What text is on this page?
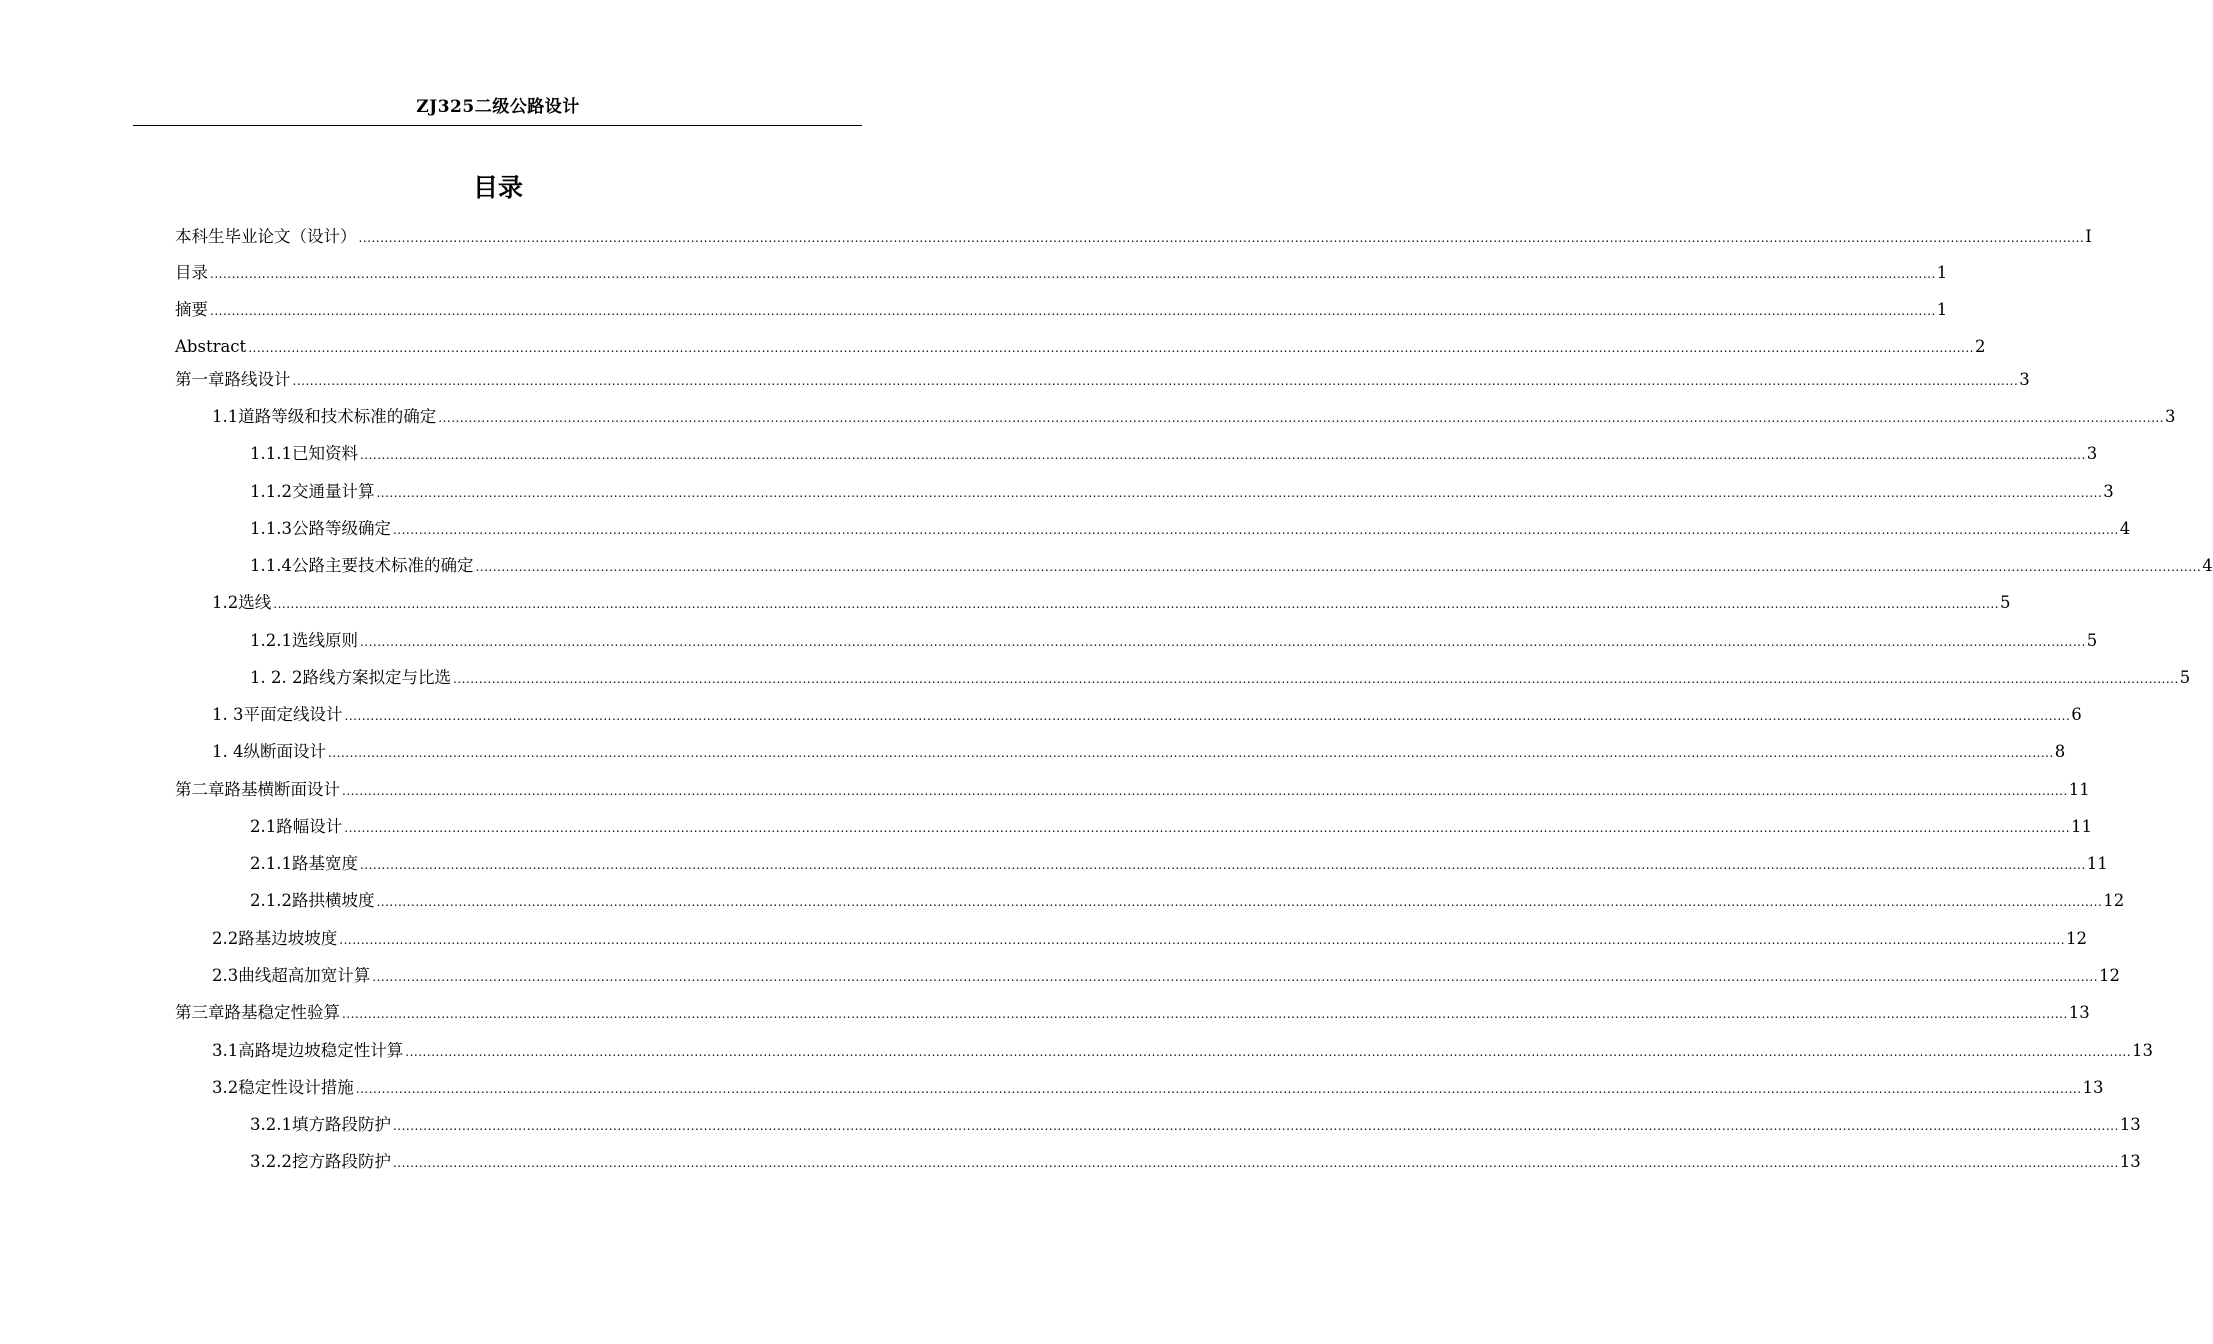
ZJ325二级公路设计
目录
本科生毕业论文（设计） ................................................................................................................................................................................................................................................................................................................................................................................................................ I
目录 ................................................................................................................................................................................................................................................................................................................................................................................................................ 1
摘要 ................................................................................................................................................................................................................................................................................................................................................................................................................ 1
Abstract ................................................................................................................................................................................................................................................................................................................................................................................................................ 2
第一章路线设计 ................................................................................................................................................................................................................................................................................................................................................................................................................ 3
1.1道路等级和技术标准的确定 ................................................................................................................................................................................................................................................................................................................................................................................................................ 3
1.1.1已知资料 ................................................................................................................................................................................................................................................................................................................................................................................................................ 3
1.1.2交通量计算 ................................................................................................................................................................................................................................................................................................................................................................................................................ 3
1.1.3公路等级确定 ................................................................................................................................................................................................................................................................................................................................................................................................................ 4
1.1.4公路主要技术标准的确定 ................................................................................................................................................................................................................................................................................................................................................................................................................ 4
1.2选线 ................................................................................................................................................................................................................................................................................................................................................................................................................ 5
1.2.1选线原则 ................................................................................................................................................................................................................................................................................................................................................................................................................ 5
1. 2. 2路线方案拟定与比选 ................................................................................................................................................................................................................................................................................................................................................................................................................ 5
1. 3平面定线设计 ................................................................................................................................................................................................................................................................................................................................................................................................................ 6
1. 4纵断面设计 ................................................................................................................................................................................................................................................................................................................................................................................................................ 8
第二章路基横断面设计 ................................................................................................................................................................................................................................................................................................................................................................................................................ 11
2.1路幅设计 ................................................................................................................................................................................................................................................................................................................................................................................................................ 11
2.1.1路基宽度 ................................................................................................................................................................................................................................................................................................................................................................................................................ 11
2.1.2路拱横坡度 ................................................................................................................................................................................................................................................................................................................................................................................................................ 12
2.2路基边坡坡度 ................................................................................................................................................................................................................................................................................................................................................................................................................ 12
2.3曲线超高加宽计算 ................................................................................................................................................................................................................................................................................................................................................................................................................ 12
第三章路基稳定性验算 ................................................................................................................................................................................................................................................................................................................................................................................................................ 13
3.1高路堤边坡稳定性计算 ................................................................................................................................................................................................................................................................................................................................................................................................................ 13
3.2稳定性设计措施 ................................................................................................................................................................................................................................................................................................................................................................................................................ 13
3.2.1填方路段防护 ................................................................................................................................................................................................................................................................................................................................................................................................................ 13
3.2.2挖方路段防护 ................................................................................................................................................................................................................................................................................................................................................................................................................ 13
